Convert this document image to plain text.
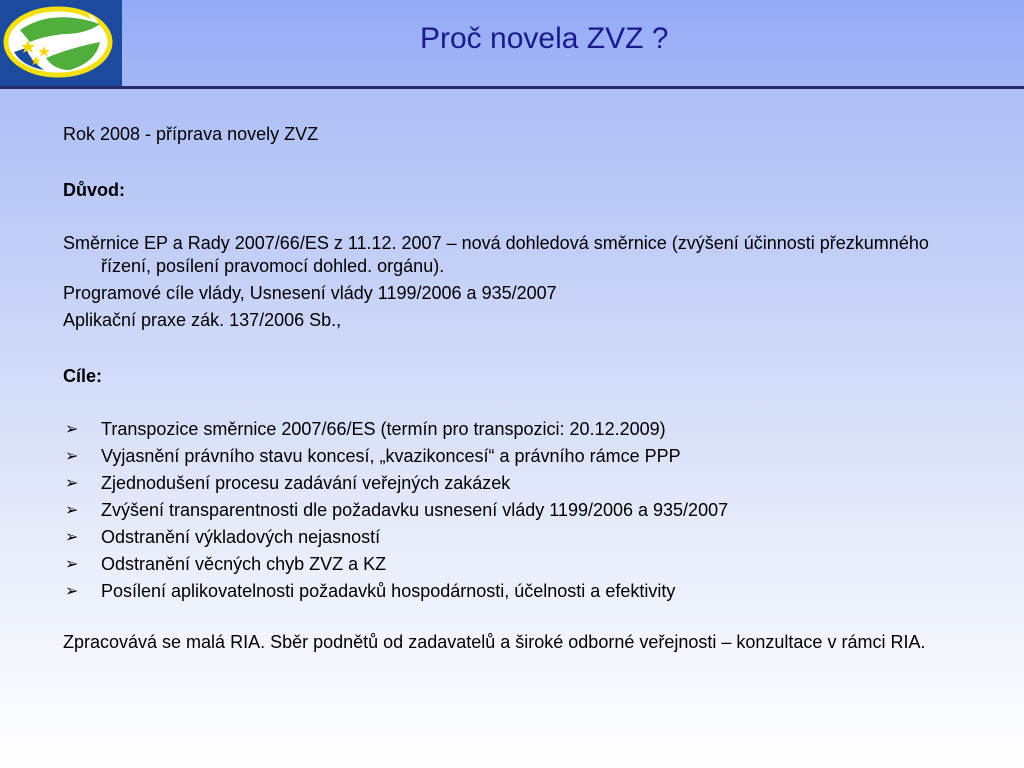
Proč novela ZVZ ?

Rok 2008 - příprava novely ZVZ

Důvod:

Směrnice EP a Rady 2007/66/ES z 11.12. 2007 – nová dohledová směrnice (zvýšení účinnosti přezkumného řízení, posílení pravomocí dohled. orgánu).

Programové cíle vlády, Usnesení vlády 1199/2006 a 935/2007

Aplikační praxe zák. 137/2006 Sb.,

Cíle:

➢ Transpozice směrnice 2007/66/ES (termín pro transpozici: 20.12.2009)
➢ Vyjasnění právního stavu koncesí, „kvazikoncesí“ a právního rámce PPP
➢ Zjednodušení procesu zadávání veřejných zakázek
➢ Zvýšení transparentnosti dle požadavku usnesení vlády 1199/2006 a 935/2007
➢ Odstranění výkladových nejasností
➢ Odstranění věcných chyb ZVZ a KZ
➢ Posílení aplikovatelnosti požadavků hospodárnosti, účelnosti a efektivity

Zpracovává se malá RIA. Sběr podnětů od zadavatelů a široké odborné veřejnosti – konzultace v rámci RIA.
